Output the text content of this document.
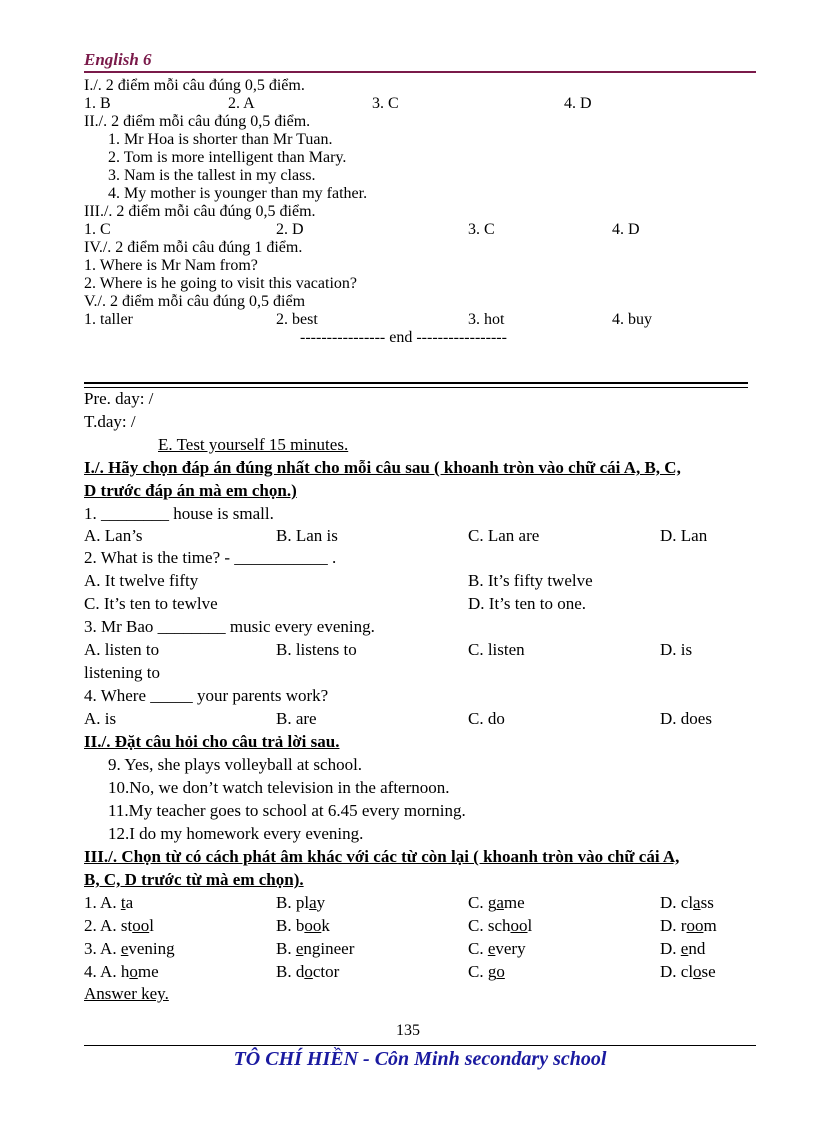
English 6
I./. 2 điểm mỗi câu đúng 0,5 điểm.
1. B	2. A	3. C	4. D
II./. 2 điểm mỗi câu đúng 0,5 điểm.
1. Mr Hoa is shorter than Mr Tuan.
2. Tom is more intelligent than Mary.
3. Nam is the tallest in my class.
4. My mother is younger than my father.
III./. 2 điểm mỗi câu đúng 0,5 điểm.
1. C	2. D	3. C	4. D
IV./. 2 điểm mỗi câu đúng 1 điểm.
1. Where is Mr Nam from?
2. Where is he going to visit this vacation?
V./. 2 điểm mỗi câu đúng 0,5 điểm
1. taller	2. best	3. hot	4. buy
---------------- end -----------------
Pre. day: /
T.day: /
E. Test yourself 15 minutes.
I./. Hãy chọn đáp án đúng nhất cho mỗi câu sau ( khoanh tròn vào chữ cái A, B, C,
D trước đáp án mà em chọn.)
1. ________ house is small.
A. Lan’s	B. Lan is	C. Lan are	D. Lan
2. What is the time? - ___________ .
A. It twelve fifty	B. It’s fifty twelve
C. It’s ten to tewlve	D. It’s ten to one.
3. Mr Bao ________ music every evening.
A. listen to	B. listens to	C. listen	D. is
listening to
4. Where _____ your parents work?
A. is	B. are	C. do	D. does
II./. Đặt câu hỏi cho câu trả lời sau.
9. Yes, she plays volleyball at school.
10.No, we don’t watch television in the afternoon.
11.My teacher goes to school at 6.45 every morning.
12.I do my homework every evening.
III./. Chọn từ có cách phát âm khác với các từ còn lại ( khoanh tròn vào chữ cái A,
B, C, D trước từ mà em chọn).
1. A. ta	B. play	C. game	D. class
2. A. stool	B. book	C. school	D. room
3. A. evening	B. engineer	C. every	D. end
4. A. home	B. doctor	C. go	D. close
Answer key.
135
TÔ CHÍ HIỀN - Côn Minh secondary school
